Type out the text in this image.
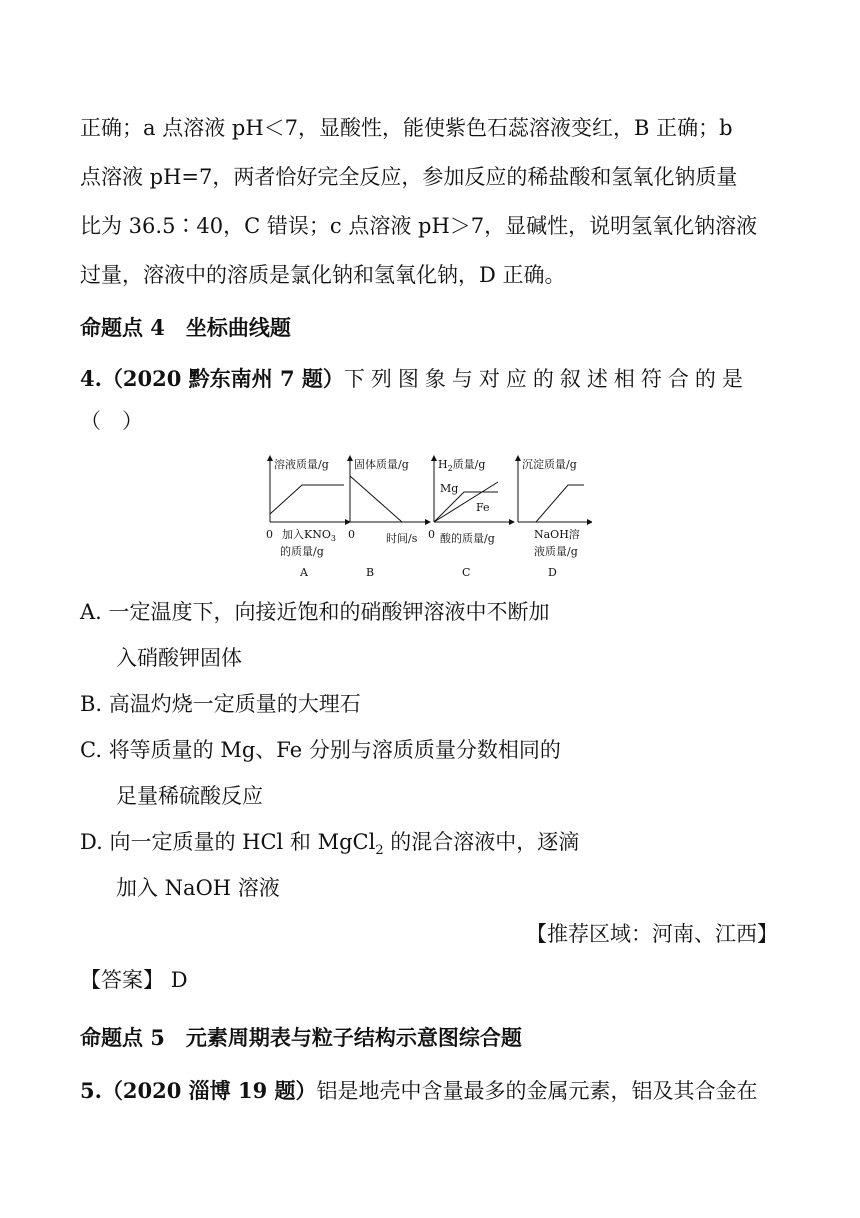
正确；a 点溶液 pH＜7，显酸性，能使紫色石蕊溶液变红，B 正确；b

点溶液 pH=7，两者恰好完全反应，参加反应的稀盐酸和氢氧化钠质量

比为 36.5∶40，C 错误；c 点溶液 pH＞7，显碱性，说明氢氧化钠溶液

过量，溶液中的溶质是氯化钠和氢氧化钠，D 正确。

命题点 4　坐标曲线题

4.（2020 黔东南州 7 题）下列图象与对应的叙述相符合的是

（　）

溶液质量/g
0 加入$KNO_3$
的质量/g
A
固体质量/g
0	时间/s
B
$H_2$质量/g
Mg
Fe
0 酸的质量/g
C
沉淀质量/g
NaOH溶
液质量/g
D

A. 一定温度下，向接近饱和的硝酸钾溶液中不断加

入硝酸钾固体

B. 高温灼烧一定质量的大理石

C. 将等质量的 Mg、Fe 分别与溶质质量分数相同的

足量稀硫酸反应

D. 向一定质量的 HCl 和 MgCl$_2$ 的混合溶液中，逐滴

加入 NaOH 溶液

【推荐区域：河南、江西】

【答案】 D

命题点 5　元素周期表与粒子结构示意图综合题

5.（2020 淄博 19 题）铝是地壳中含量最多的金属元素，铝及其合金在
